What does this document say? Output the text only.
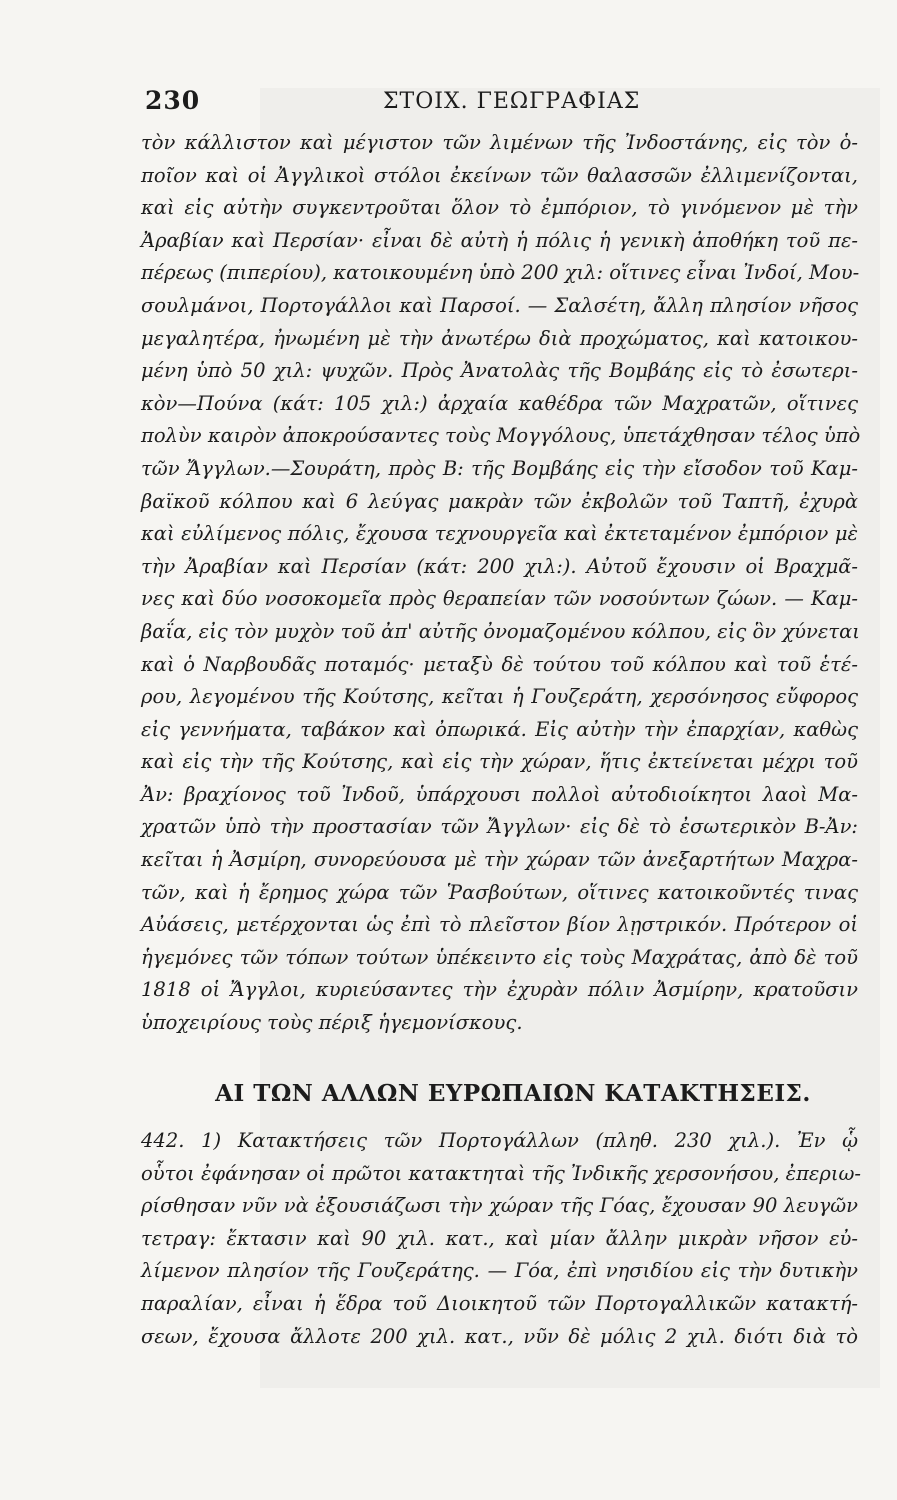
230	ΣΤΟΙΧ. ΓΕΩΓΡΑΦΙΑΣ
τὸν κάλλιστον καὶ μέγιστον τῶν λιμένων τῆς Ἰνδοστάνης, εἰς τὸν ὁ-
ποῖον καὶ οἱ Ἀγγλικοὶ στόλοι ἐκείνων τῶν θαλασσῶν ἐλλιμενίζονται,
καὶ εἰς αὐτὴν συγκεντροῦται ὅλον τὸ ἐμπόριον, τὸ γινόμενον μὲ τὴν
Ἀραβίαν καὶ Περσίαν· εἶναι δὲ αὐτὴ ἡ πόλις ἡ γενικὴ ἀποθήκη τοῦ πε-
πέρεως (πιπερίου), κατοικουμένη ὑπὸ 200 χιλ: οἵτινες εἶναι Ἰνδοί, Μου-
σουλμάνοι, Πορτογάλλοι καὶ Παρσοί. — Σαλσέτη, ἄλλη πλησίον νῆσος
μεγαλητέρα, ἠνωμένη μὲ τὴν ἀνωτέρω διὰ προχώματος, καὶ κατοικου-
μένη ὑπὸ 50 χιλ: ψυχῶν. Πρὸς Ἀνατολὰς τῆς Βομβάης εἰς τὸ ἐσωτερι-
κὸν—Πούνα (κάτ: 105 χιλ:) ἀρχαία καθέδρα τῶν Μαχρατῶν, οἵτινες
πολὺν καιρὸν ἀποκρούσαντες τοὺς Μογγόλους, ὑπετάχθησαν τέλος ὑπὸ
τῶν Ἄγγλων.—Σουράτη, πρὸς Β: τῆς Βομβάης εἰς τὴν εἴσοδον τοῦ Καμ-
βαϊκοῦ κόλπου καὶ 6 λεύγας μακρὰν τῶν ἐκβολῶν τοῦ Ταπτῆ, ἐχυρὰ
καὶ εὐλίμενος πόλις, ἔχουσα τεχνουργεῖα καὶ ἐκτεταμένον ἐμπόριον μὲ
τὴν Ἀραβίαν καὶ Περσίαν (κάτ: 200 χιλ:). Αὐτοῦ ἔχουσιν οἱ Βραχμᾶ-
νες καὶ δύο νοσοκομεῖα πρὸς θεραπείαν τῶν νοσούντων ζώων. — Καμ-
βαΐα, εἰς τὸν μυχὸν τοῦ ἀπ' αὐτῆς ὀνομαζομένου κόλπου, εἰς ὃν χύνεται
καὶ ὁ Ναρβουδᾶς ποταμός· μεταξὺ δὲ τούτου τοῦ κόλπου καὶ τοῦ ἑτέ-
ρου, λεγομένου τῆς Κούτσης, κεῖται ἡ Γουζεράτη, χερσόνησος εὔφορος
εἰς γεννήματα, ταβάκον καὶ ὀπωρικά. Εἰς αὐτὴν τὴν ἐπαρχίαν, καθὼς
καὶ εἰς τὴν τῆς Κούτσης, καὶ εἰς τὴν χώραν, ἥτις ἐκτείνεται μέχρι τοῦ
Ἀν: βραχίονος τοῦ Ἰνδοῦ, ὑπάρχουσι πολλοὶ αὐτοδιοίκητοι λαοὶ Μα-
χρατῶν ὑπὸ τὴν προστασίαν τῶν Ἄγγλων· εἰς δὲ τὸ ἐσωτερικὸν Β-Ἀν:
κεῖται ἡ Ἀσμίρη, συνορεύουσα μὲ τὴν χώραν τῶν ἀνεξαρτήτων Μαχρα-
τῶν, καὶ ἡ ἔρημος χώρα τῶν Ῥασβούτων, οἵτινες κατοικοῦντές τινας
Αὐάσεις, μετέρχονται ὡς ἐπὶ τὸ πλεῖστον βίον λῃστρικόν. Πρότερον οἱ
ἡγεμόνες τῶν τόπων τούτων ὑπέκειντο εἰς τοὺς Μαχράτας, ἀπὸ δὲ τοῦ
1818 οἱ Ἄγγλοι, κυριεύσαντες τὴν ἐχυρὰν πόλιν Ἀσμίρην, κρατοῦσιν
ὑποχειρίους τοὺς πέριξ ἡγεμονίσκους.
ΑΙ ΤΩΝ ΑΛΛΩΝ ΕΥΡΩΠΑΙΩΝ ΚΑΤΑΚΤΗΣΕΙΣ.
442. 1) Κατακτήσεις τῶν Πορτογάλλων (πληθ. 230 χιλ.). Ἐν ᾧ
οὗτοι ἐφάνησαν οἱ πρῶτοι κατακτηταὶ τῆς Ἰνδικῆς χερσονήσου, ἐπεριω-
ρίσθησαν νῦν νὰ ἐξουσιάζωσι τὴν χώραν τῆς Γόας, ἔχουσαν 90 λευγῶν
τετραγ: ἔκτασιν καὶ 90 χιλ. κατ., καὶ μίαν ἄλλην μικρὰν νῆσον εὐ-
λίμενον πλησίον τῆς Γουζεράτης. — Γόα, ἐπὶ νησιδίου εἰς τὴν δυτικὴν
παραλίαν, εἶναι ἡ ἕδρα τοῦ Διοικητοῦ τῶν Πορτογαλλικῶν κατακτή-
σεων, ἔχουσα ἄλλοτε 200 χιλ. κατ., νῦν δὲ μόλις 2 χιλ. διότι διὰ τὸ
